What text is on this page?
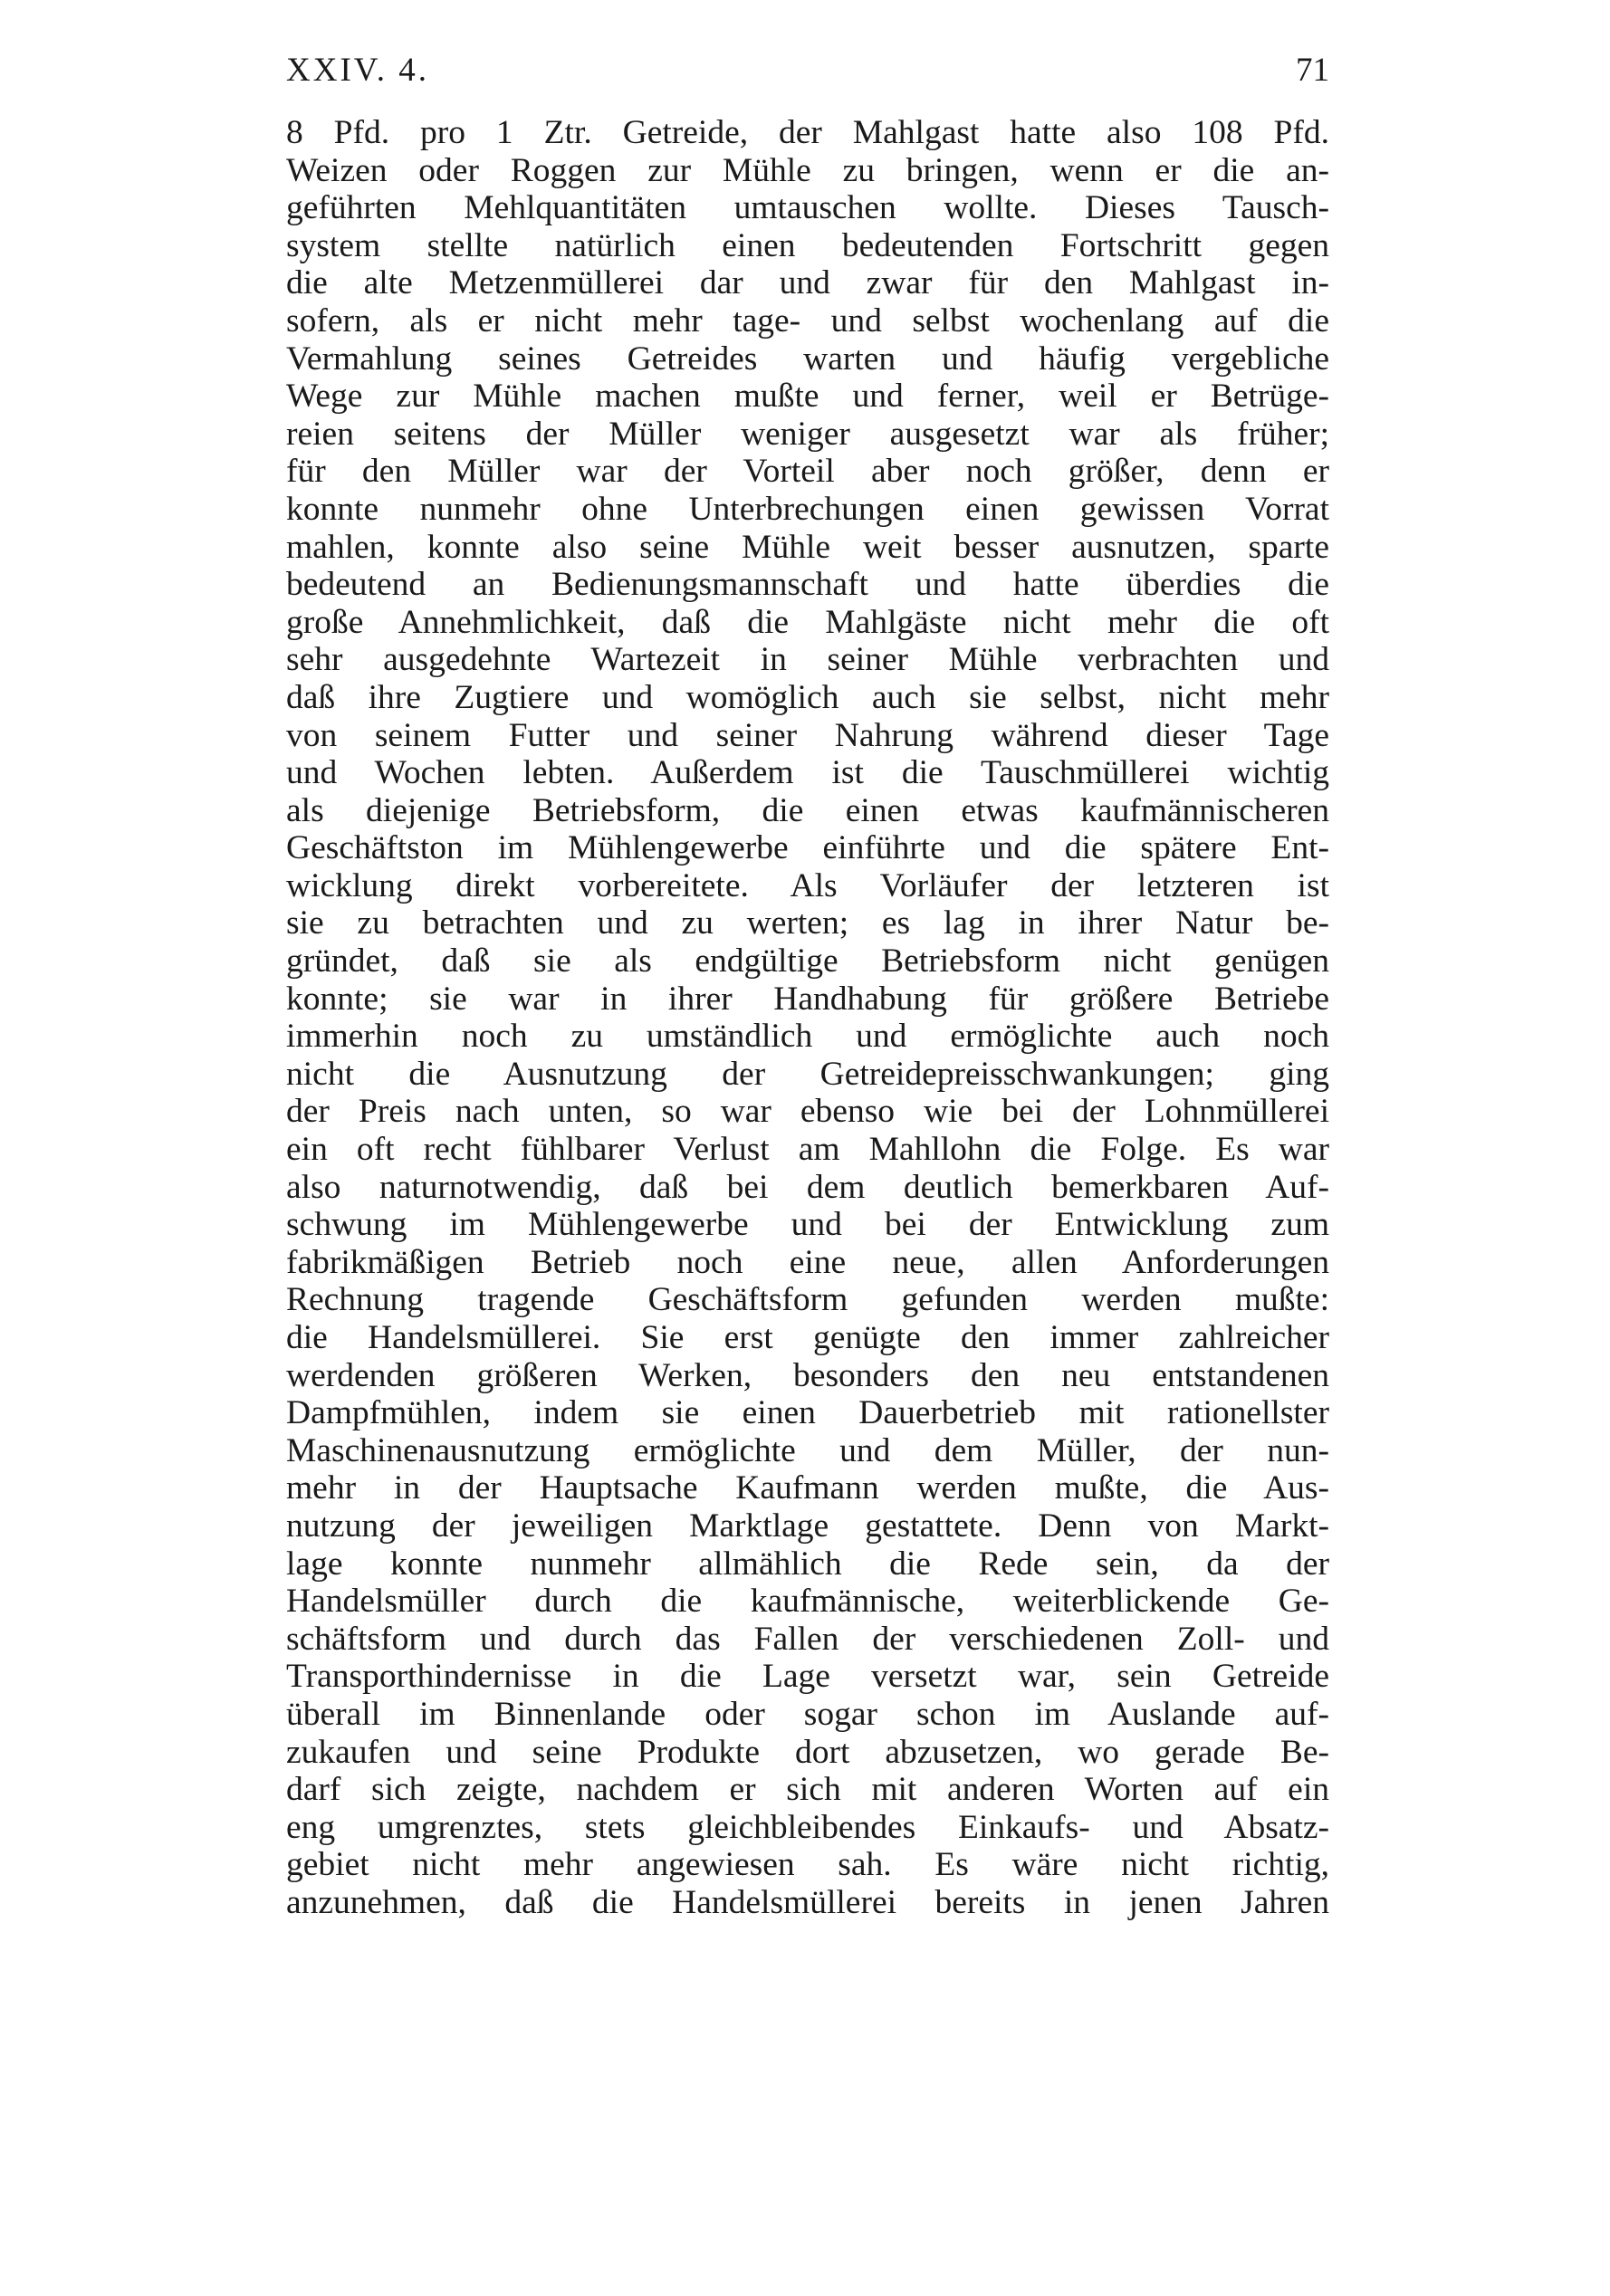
XXIV. 4.	71
8 Pfd. pro 1 Ztr. Getreide, der Mahlgast hatte also 108 Pfd.
Weizen oder Roggen zur Mühle zu bringen, wenn er die an-
geführten Mehlquantitäten umtauschen wollte. Dieses Tausch-
system stellte natürlich einen bedeutenden Fortschritt gegen
die alte Metzenmüllerei dar und zwar für den Mahlgast in-
sofern, als er nicht mehr tage- und selbst wochenlang auf die
Vermahlung seines Getreides warten und häufig vergebliche
Wege zur Mühle machen mußte und ferner, weil er Betrüge-
reien seitens der Müller weniger ausgesetzt war als früher;
für den Müller war der Vorteil aber noch größer, denn er
konnte nunmehr ohne Unterbrechungen einen gewissen Vorrat
mahlen, konnte also seine Mühle weit besser ausnutzen, sparte
bedeutend an Bedienungsmannschaft und hatte überdies die
große Annehmlichkeit, daß die Mahlgäste nicht mehr die oft
sehr ausgedehnte Wartezeit in seiner Mühle verbrachten und
daß ihre Zugtiere und womöglich auch sie selbst, nicht mehr
von seinem Futter und seiner Nahrung während dieser Tage
und Wochen lebten. Außerdem ist die Tauschmüllerei wichtig
als diejenige Betriebsform, die einen etwas kaufmännischeren
Geschäftston im Mühlengewerbe einführte und die spätere Ent-
wicklung direkt vorbereitete. Als Vorläufer der letzteren ist
sie zu betrachten und zu werten; es lag in ihrer Natur be-
gründet, daß sie als endgültige Betriebsform nicht genügen
konnte; sie war in ihrer Handhabung für größere Betriebe
immerhin noch zu umständlich und ermöglichte auch noch
nicht die Ausnutzung der Getreidepreisschwankungen; ging
der Preis nach unten, so war ebenso wie bei der Lohnmüllerei
ein oft recht fühlbarer Verlust am Mahllohn die Folge. Es war
also naturnotwendig, daß bei dem deutlich bemerkbaren Auf-
schwung im Mühlengewerbe und bei der Entwicklung zum
fabrikmäßigen Betrieb noch eine neue, allen Anforderungen
Rechnung tragende Geschäftsform gefunden werden mußte:
die Handelsmüllerei. Sie erst genügte den immer zahlreicher
werdenden größeren Werken, besonders den neu entstandenen
Dampfmühlen, indem sie einen Dauerbetrieb mit rationellster
Maschinenausnutzung ermöglichte und dem Müller, der nun-
mehr in der Hauptsache Kaufmann werden mußte, die Aus-
nutzung der jeweiligen Marktlage gestattete. Denn von Markt-
lage konnte nunmehr allmählich die Rede sein, da der
Handelsmüller durch die kaufmännische, weiterblickende Ge-
schäftsform und durch das Fallen der verschiedenen Zoll- und
Transporthindernisse in die Lage versetzt war, sein Getreide
überall im Binnenlande oder sogar schon im Auslande auf-
zukaufen und seine Produkte dort abzusetzen, wo gerade Be-
darf sich zeigte, nachdem er sich mit anderen Worten auf ein
eng umgrenztes, stets gleichbleibendes Einkaufs- und Absatz-
gebiet nicht mehr angewiesen sah. Es wäre nicht richtig,
anzunehmen, daß die Handelsmüllerei bereits in jenen Jahren
